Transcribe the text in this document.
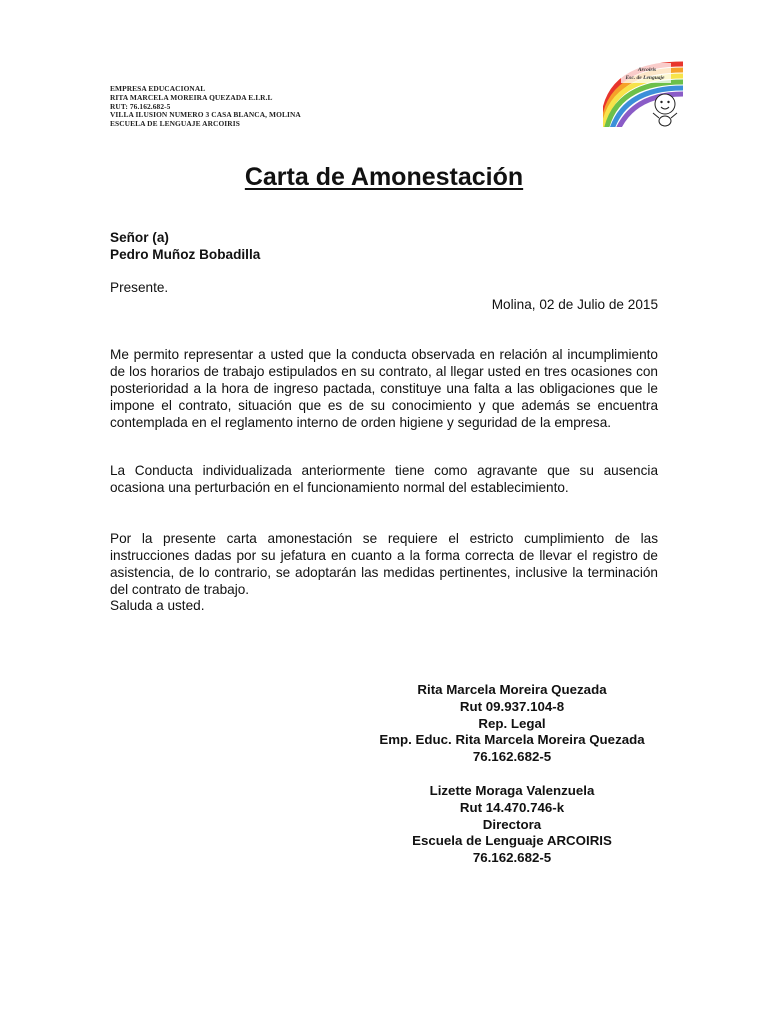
EMPRESA EDUCACIONAL
RITA MARCELA MOREIRA QUEZADA E.I.R.L
RUT: 76.162.682-5
VILLA ILUSION NUMERO 3 CASA BLANCA, MOLINA
ESCUELA DE LENGUAJE ARCOIRIS
Arcoiris
Esc. de Lenguaje
Carta de Amonestación
Señor (a)
Pedro Muñoz Bobadilla
Presente.
Molina, 02 de Julio de 2015
Me permito representar a usted que la conducta observada en relación al incumplimiento de los horarios de trabajo estipulados en su contrato, al llegar usted en tres ocasiones con posterioridad a la hora de ingreso pactada, constituye una falta a las obligaciones que le impone el contrato, situación que es de su conocimiento y que además se encuentra contemplada en el reglamento interno de orden higiene y seguridad de la empresa.
La Conducta individualizada anteriormente tiene como agravante que su ausencia ocasiona una perturbación en el funcionamiento normal del establecimiento.
Por la presente carta amonestación se requiere el estricto cumplimiento de las instrucciones dadas por su jefatura en cuanto a la forma correcta de llevar el registro de asistencia, de lo contrario, se adoptarán las medidas pertinentes, inclusive la terminación del contrato de trabajo.
Saluda a usted.
Rita Marcela Moreira Quezada
Rut 09.937.104-8
Rep. Legal
Emp. Educ. Rita Marcela Moreira Quezada
76.162.682-5
Lizette Moraga Valenzuela
Rut 14.470.746-k
Directora
Escuela de Lenguaje ARCOIRIS
76.162.682-5
